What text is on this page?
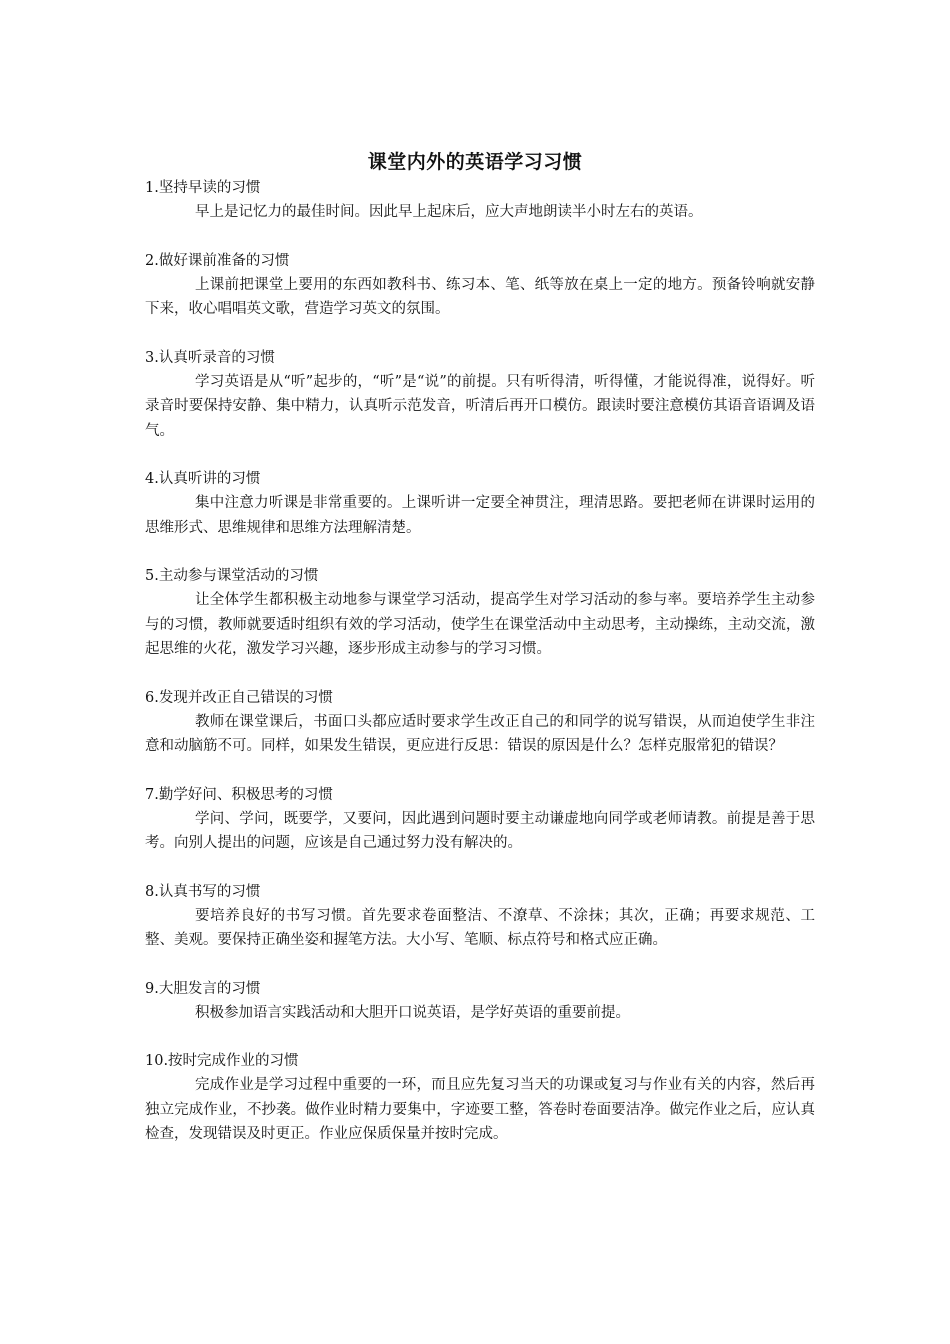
课堂内外的英语学习习惯

1.坚持早读的习惯

早上是记忆力的最佳时间。因此早上起床后，应大声地朗读半小时左右的英语。

2.做好课前准备的习惯

上课前把课堂上要用的东西如教科书、练习本、笔、纸等放在桌上一定的地方。预备铃响就安静下来，收心唱唱英文歌，营造学习英文的氛围。

3.认真听录音的习惯

学习英语是从“听”起步的，“听”是“说”的前提。只有听得清，听得懂，才能说得准，说得好。听录音时要保持安静、集中精力，认真听示范发音，听清后再开口模仿。跟读时要注意模仿其语音语调及语气。

4.认真听讲的习惯

集中注意力听课是非常重要的。上课听讲一定要全神贯注，理清思路。要把老师在讲课时运用的思维形式、思维规律和思维方法理解清楚。

5.主动参与课堂活动的习惯

让全体学生都积极主动地参与课堂学习活动，提高学生对学习活动的参与率。要培养学生主动参与的习惯，教师就要适时组织有效的学习活动，使学生在课堂活动中主动思考，主动操练，主动交流，激起思维的火花，激发学习兴趣，逐步形成主动参与的学习习惯。

6.发现并改正自己错误的习惯

教师在课堂课后，书面口头都应适时要求学生改正自己的和同学的说写错误，从而迫使学生非注意和动脑筋不可。同样，如果发生错误，更应进行反思：错误的原因是什么？怎样克服常犯的错误？

7.勤学好问、积极思考的习惯

学问、学问，既要学，又要问，因此遇到问题时要主动谦虚地向同学或老师请教。前提是善于思考。向别人提出的问题，应该是自己通过努力没有解决的。

8.认真书写的习惯

要培养良好的书写习惯。首先要求卷面整洁、不潦草、不涂抹；其次，正确；再要求规范、工整、美观。要保持正确坐姿和握笔方法。大小写、笔顺、标点符号和格式应正确。

9.大胆发言的习惯

积极参加语言实践活动和大胆开口说英语，是学好英语的重要前提。

10.按时完成作业的习惯

完成作业是学习过程中重要的一环，而且应先复习当天的功课或复习与作业有关的内容，然后再独立完成作业，不抄袭。做作业时精力要集中，字迹要工整，答卷时卷面要洁净。做完作业之后，应认真检查，发现错误及时更正。作业应保质保量并按时完成。
